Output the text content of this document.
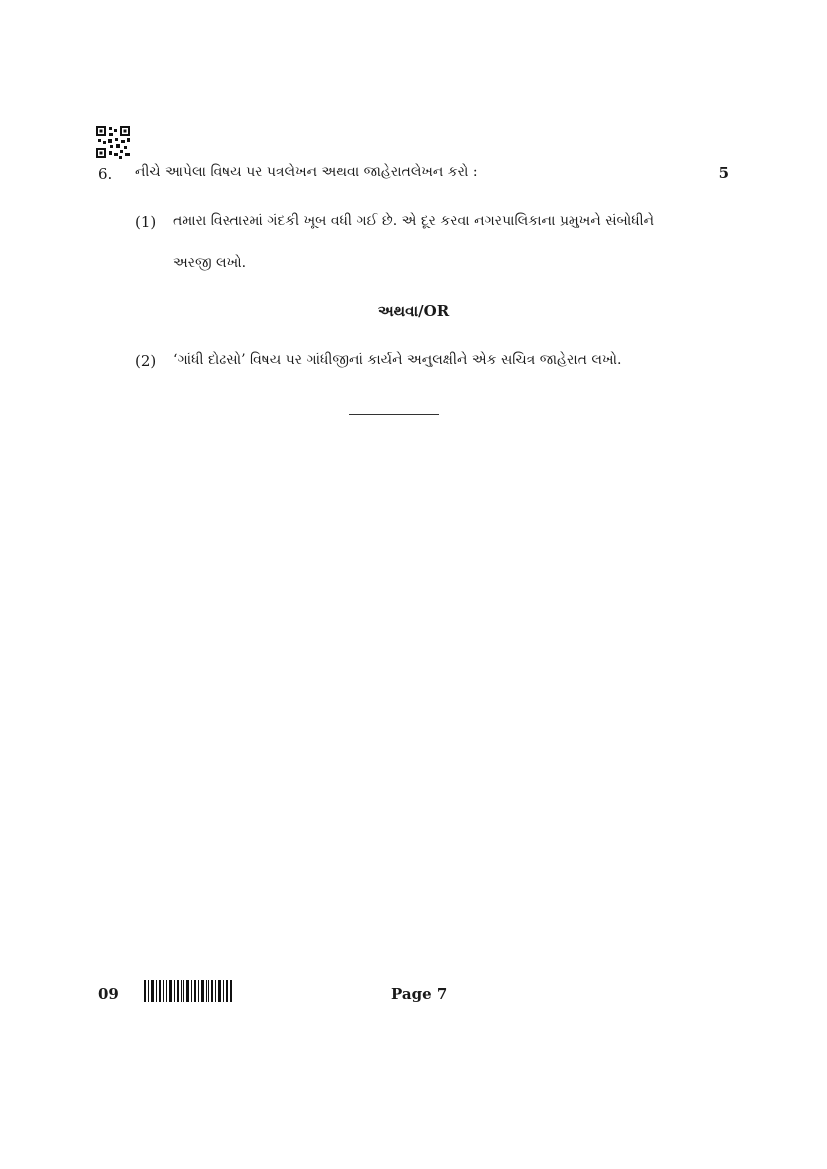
6. નીચે આપેલા વિષય પર પત્રલેખન અથવા જાહેરાતલેખન કરો :	5
(1) તમારા વિસ્તારમાં ગંદકી ખૂબ વધી ગઈ છે. એ દૂર કરવા નગરપાલિકાના પ્રમુખને સંબોધીને
અરજી લખો.
અથવા/OR
(2) ‘ગાંધી દોઢસો’ વિષય પર ગાંધીજીનાં કાર્યને અનુલક્ષીને એક સચિત્ર જાહેરાત લખો.
09	Page 7
